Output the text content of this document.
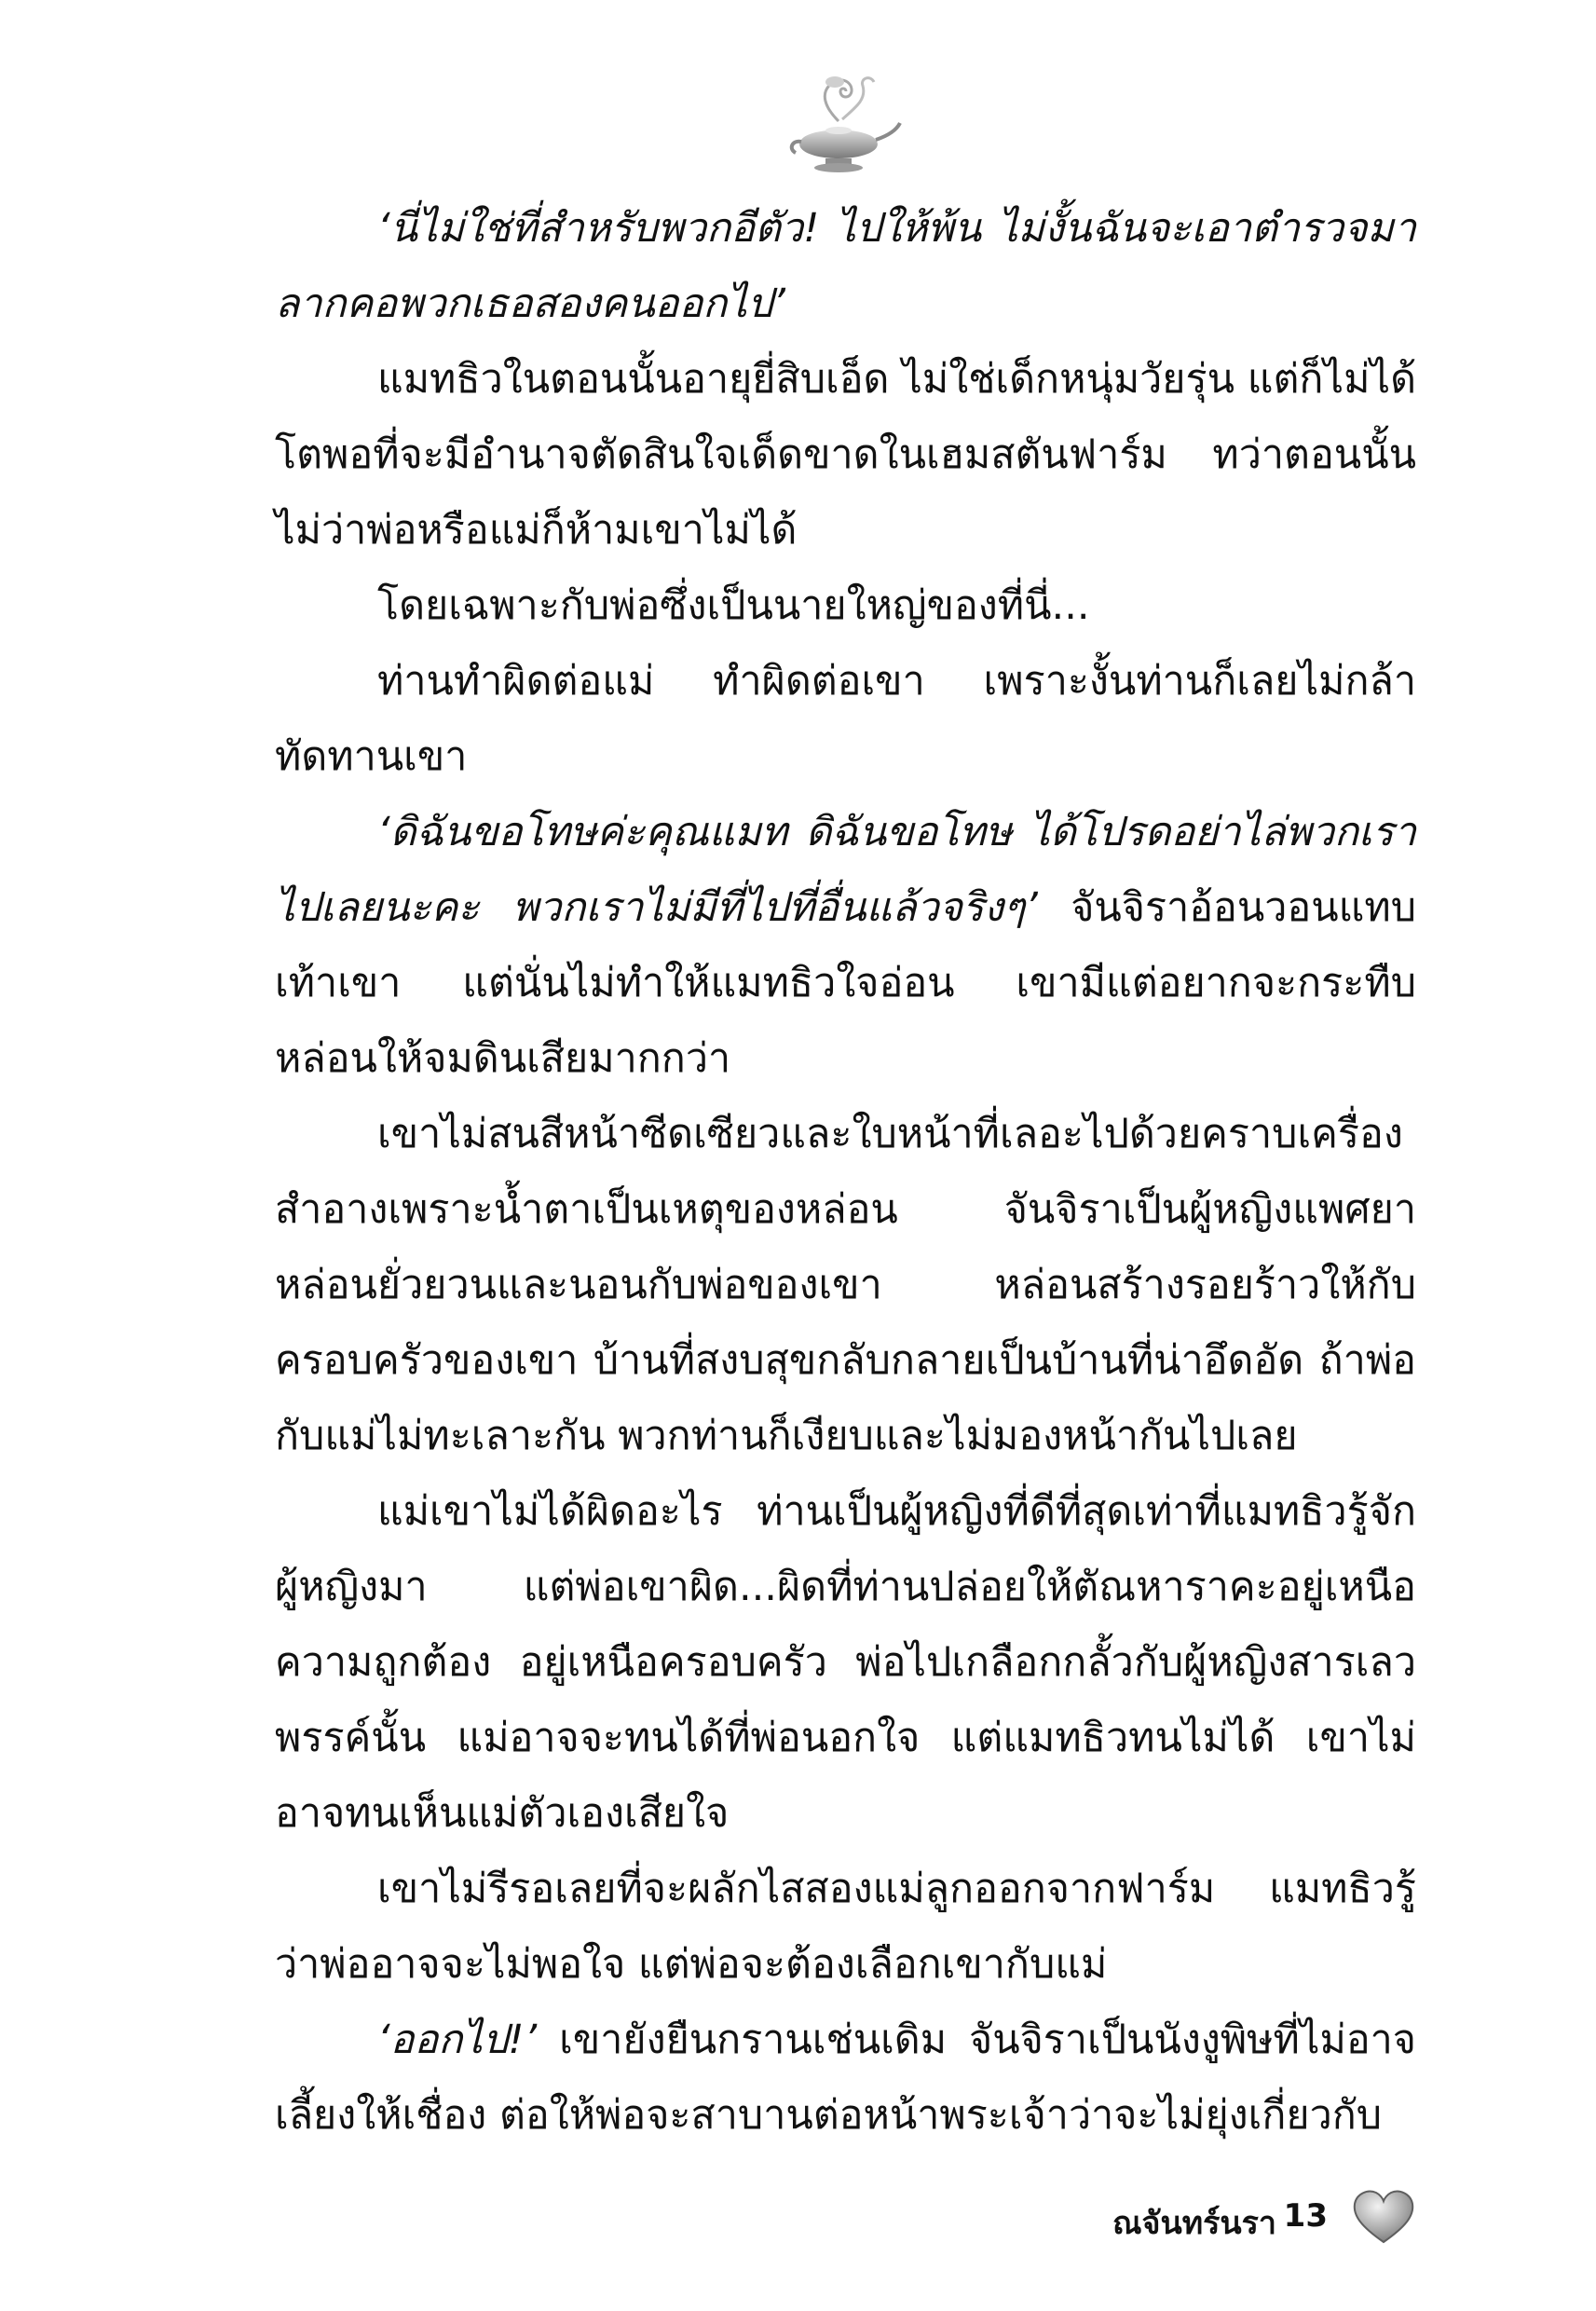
‘นี่ไม่ใช่ที่สำหรับพวกอีตัว! ไปให้พ้น ไม่งั้นฉันจะเอาตำรวจมาลากคอพวกเธอสองคนออกไป’

แมทธิวในตอนนั้นอายุยี่สิบเอ็ด ไม่ใช่เด็กหนุ่มวัยรุ่น แต่ก็ไม่ได้โตพอที่จะมีอำนาจตัดสินใจเด็ดขาดในเฮมสตันฟาร์ม ทว่าตอนนั้นไม่ว่าพ่อหรือแม่ก็ห้ามเขาไม่ได้

โดยเฉพาะกับพ่อซึ่งเป็นนายใหญ่ของที่นี่...

ท่านทำผิดต่อแม่ ทำผิดต่อเขา เพราะงั้นท่านก็เลยไม่กล้าทัดทานเขา

‘ดิฉันขอโทษค่ะคุณแมท ดิฉันขอโทษ ได้โปรดอย่าไล่พวกเราไปเลยนะคะ พวกเราไม่มีที่ไปที่อื่นแล้วจริงๆ’ จันจิราอ้อนวอนแทบเท้าเขา แต่นั่นไม่ทำให้แมทธิวใจอ่อน เขามีแต่อยากจะกระทืบหล่อนให้จมดินเสียมากกว่า

เขาไม่สนสีหน้าซีดเซียวและใบหน้าที่เลอะไปด้วยคราบเครื่องสำอางเพราะน้ำตาเป็นเหตุของหล่อน จันจิราเป็นผู้หญิงแพศยา หล่อนยั่วยวนและนอนกับพ่อของเขา หล่อนสร้างรอยร้าวให้กับครอบครัวของเขา บ้านที่สงบสุขกลับกลายเป็นบ้านที่น่าอึดอัด ถ้าพ่อกับแม่ไม่ทะเลาะกัน พวกท่านก็เงียบและไม่มองหน้ากันไปเลย

แม่เขาไม่ได้ผิดอะไร ท่านเป็นผู้หญิงที่ดีที่สุดเท่าที่แมทธิวรู้จักผู้หญิงมา แต่พ่อเขาผิด...ผิดที่ท่านปล่อยให้ตัณหาราคะอยู่เหนือความถูกต้อง อยู่เหนือครอบครัว พ่อไปเกลือกกลั้วกับผู้หญิงสารเลวพรรค์นั้น แม่อาจจะทนได้ที่พ่อนอกใจ แต่แมทธิวทนไม่ได้ เขาไม่อาจทนเห็นแม่ตัวเองเสียใจ

เขาไม่รีรอเลยที่จะผลักไสสองแม่ลูกออกจากฟาร์ม แมทธิวรู้ว่าพ่ออาจจะไม่พอใจ แต่พ่อจะต้องเลือกเขากับแม่

‘ออกไป!’ เขายังยืนกรานเช่นเดิม จันจิราเป็นนังงูพิษที่ไม่อาจเลี้ยงให้เชื่อง ต่อให้พ่อจะสาบานต่อหน้าพระเจ้าว่าจะไม่ยุ่งเกี่ยวกับ

ณจันทร์นรา 13
